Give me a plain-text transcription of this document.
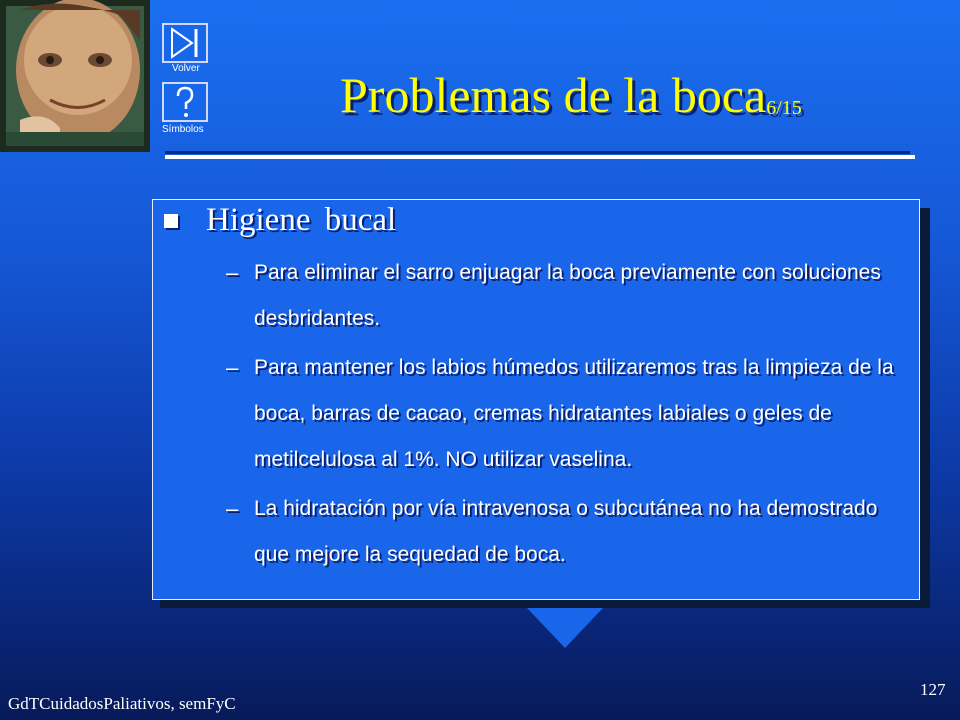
Volver
Símbolos
Problemas de la boca$_{6/15}$
Higiene bucal
– Para eliminar el sarro enjuagar la boca previamente con soluciones desbridantes.
– Para mantener los labios húmedos utilizaremos tras la limpieza de la boca, barras de cacao, cremas hidratantes labiales o geles de metilcelulosa al 1%. NO utilizar vaselina.
– La hidratación por vía intravenosa o subcutánea no ha demostrado que mejore la sequedad de boca.
GdTCuidadosPaliativos, semFyC
127
